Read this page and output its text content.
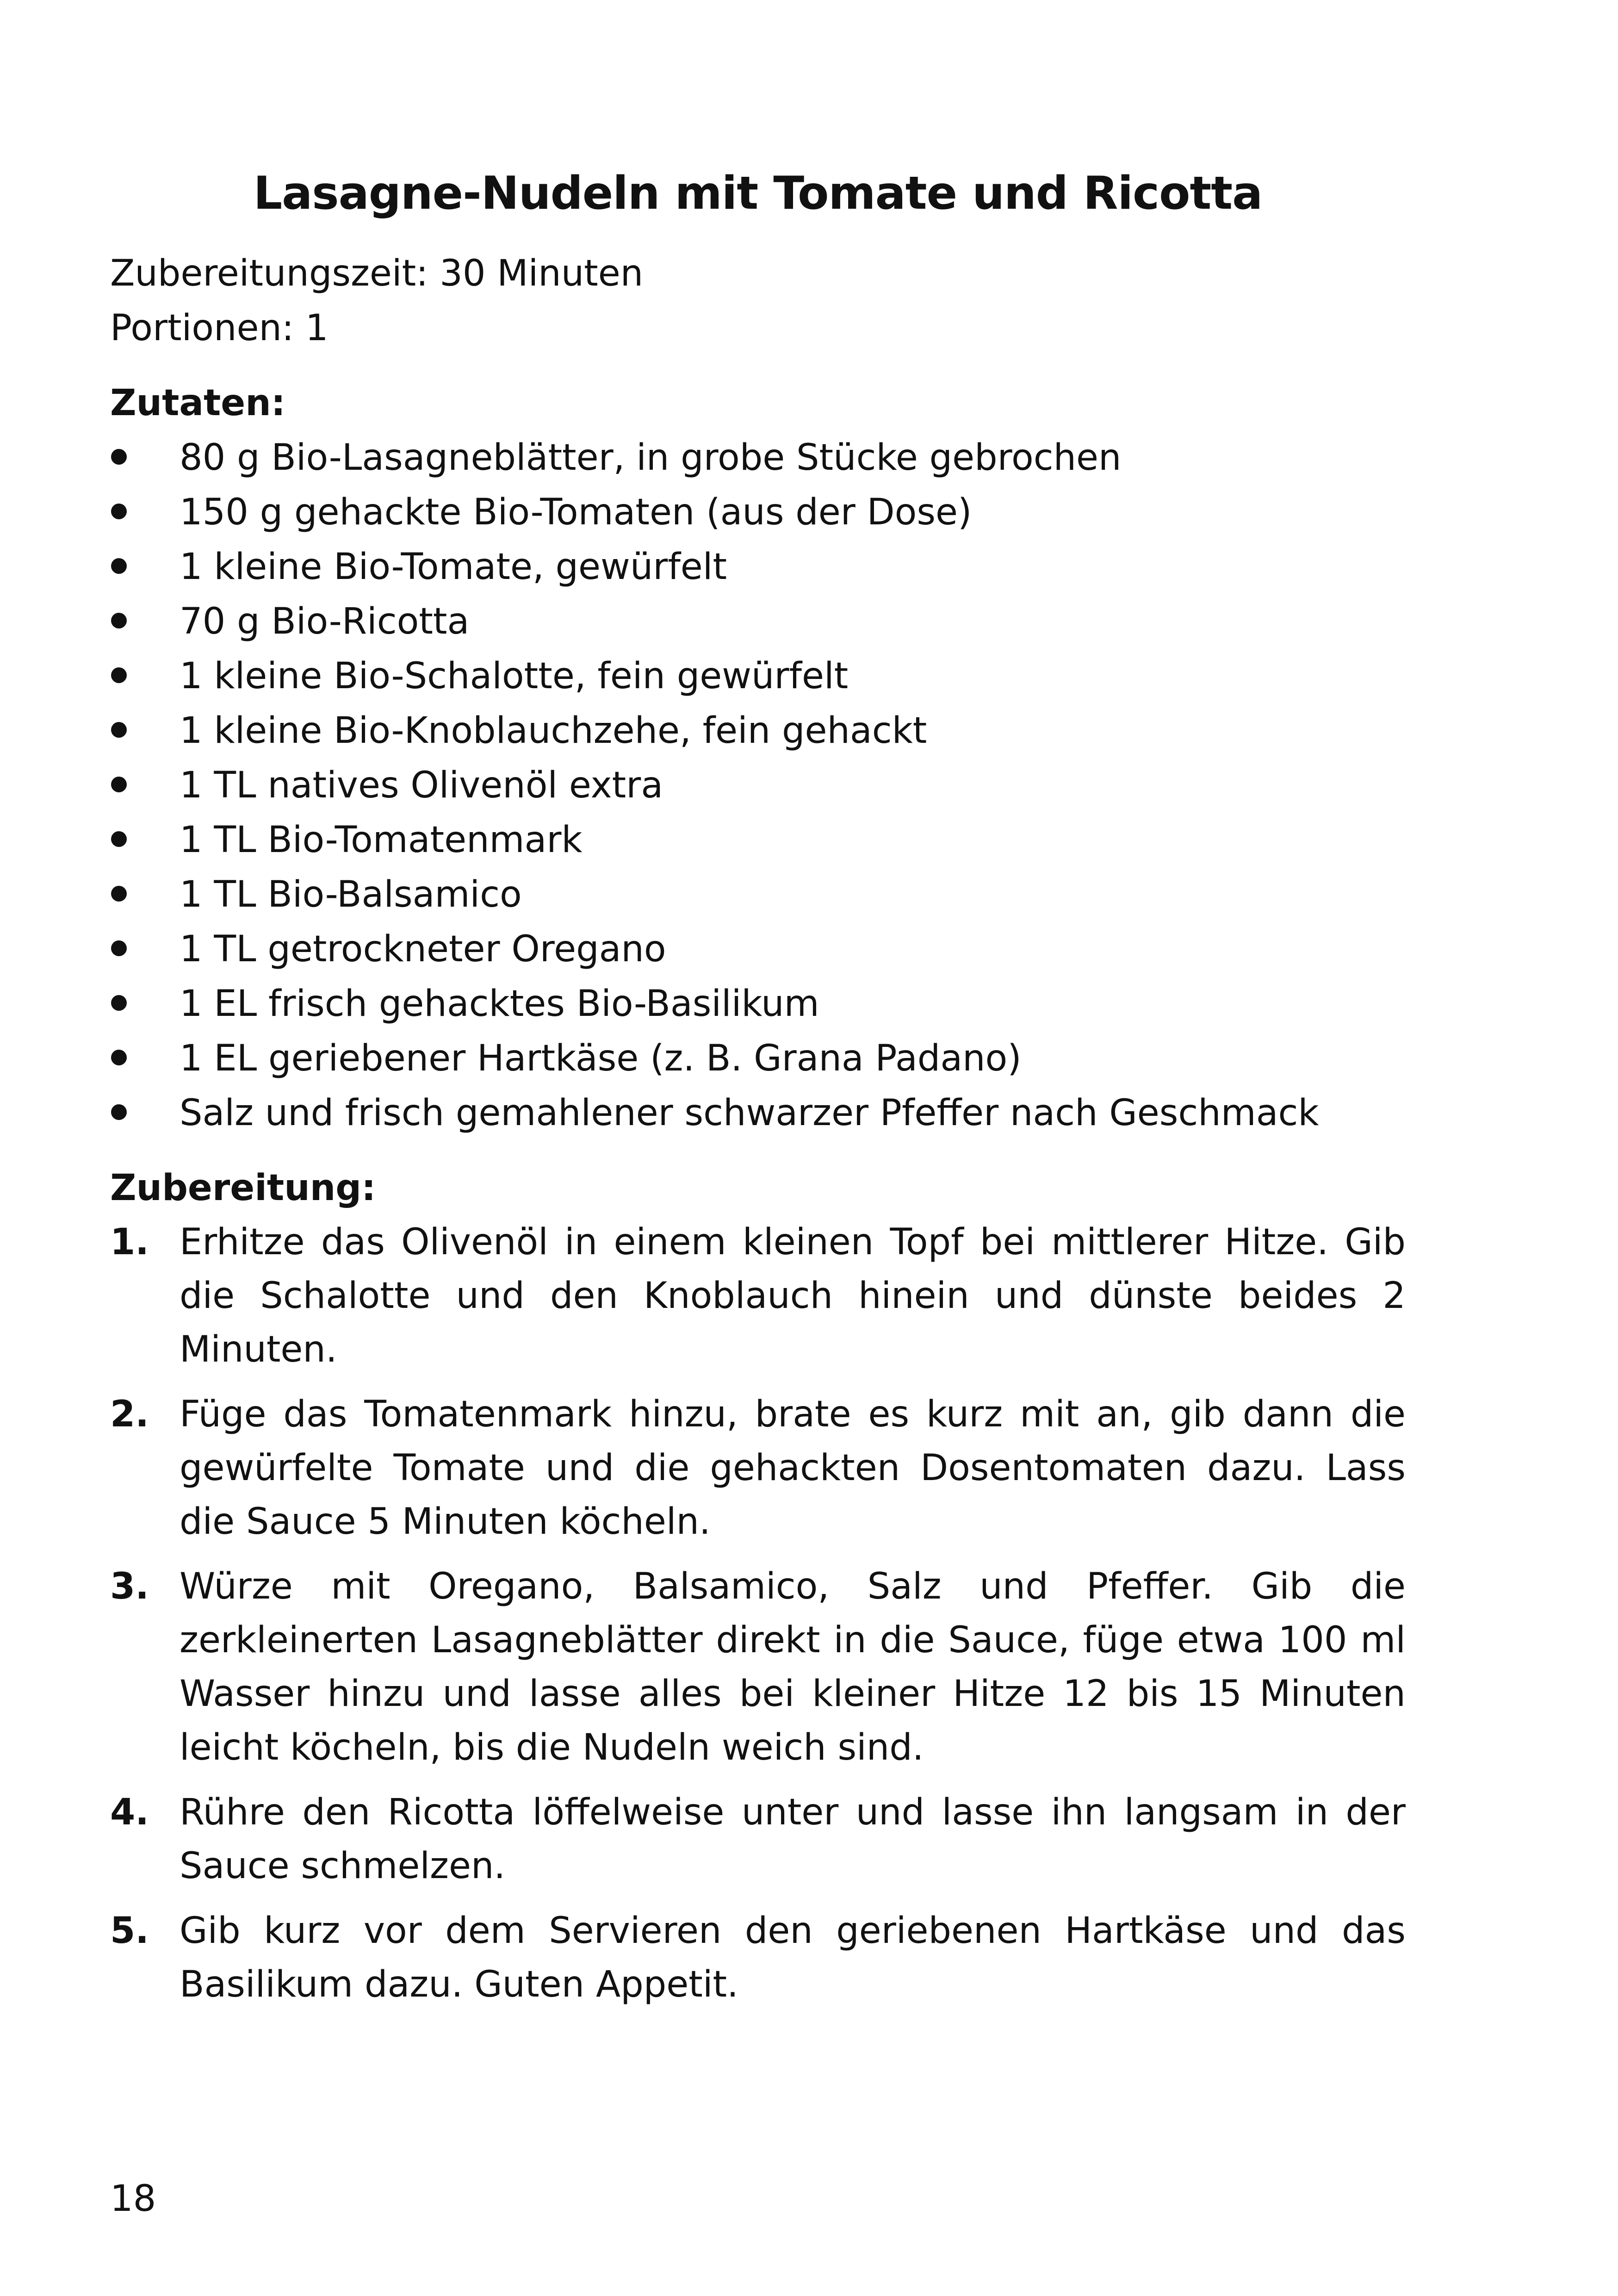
Lasagne-Nudeln mit Tomate und Ricotta
Zubereitungszeit: 30 Minuten
Portionen: 1
Zutaten:
80 g Bio-Lasagneblätter, in grobe Stücke gebrochen
150 g gehackte Bio-Tomaten (aus der Dose)
1 kleine Bio-Tomate, gewürfelt
70 g Bio-Ricotta
1 kleine Bio-Schalotte, fein gewürfelt
1 kleine Bio-Knoblauchzehe, fein gehackt
1 TL natives Olivenöl extra
1 TL Bio-Tomatenmark
1 TL Bio-Balsamico
1 TL getrockneter Oregano
1 EL frisch gehacktes Bio-Basilikum
1 EL geriebener Hartkäse (z. B. Grana Padano)
Salz und frisch gemahlener schwarzer Pfeffer nach Geschmack
Zubereitung:
1. Erhitze das Olivenöl in einem kleinen Topf bei mittlerer Hitze. Gib die Schalotte und den Knoblauch hinein und dünste beides 2 Minuten.
2. Füge das Tomatenmark hinzu, brate es kurz mit an, gib dann die gewürfelte Tomate und die gehackten Dosentomaten dazu. Lass die Sauce 5 Minuten köcheln.
3. Würze mit Oregano, Balsamico, Salz und Pfeffer. Gib die zerkleinerten Lasagneblätter direkt in die Sauce, füge etwa 100 ml Wasser hinzu und lasse alles bei kleiner Hitze 12 bis 15 Minuten leicht köcheln, bis die Nudeln weich sind.
4. Rühre den Ricotta löffelweise unter und lasse ihn langsam in der Sauce schmelzen.
5. Gib kurz vor dem Servieren den geriebenen Hartkäse und das Basilikum dazu. Guten Appetit.
18
